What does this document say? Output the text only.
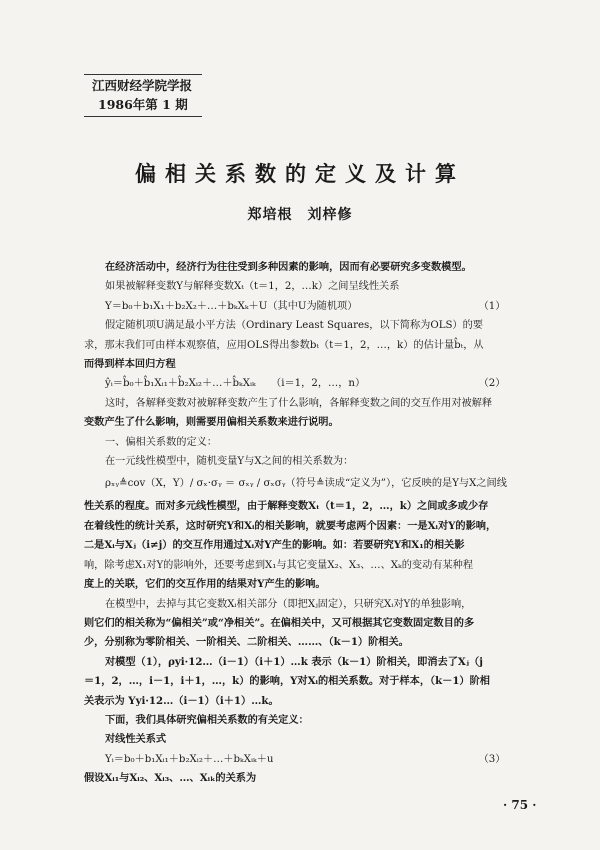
江西财经学院学报
1986年第 1 期
偏相关系数的定义及计算
郑培根　刘梓修

在经济活动中，经济行为往往受到多种因素的影响，因而有必要研究多变数模型。

如果被解释变数Y与解释变数Xₜ（t＝1，2，…k）之间呈线性关系

Y＝b₀＋b₁X₁＋b₂X₂＋…＋bₖXₖ＋U（其中U为随机项）	（1）

假定随机项U满足最小平方法（Ordinary Least Squares，以下简称为OLS）的要

求，那末我们可由样本观察值，应用OLS得出参数bₜ（t＝1，2，…，k）的估计量b̂ₜ，从

而得到样本回归方程

ŷᵢ＝b̂₀＋b̂₁Xᵢ₁＋b̂₂Xᵢ₂＋…＋b̂ₖXᵢₖ　　（i＝1，2，…，n）	（2）

这时，各解释变数对被解释变数产生了什么影响，各解释变数之间的交互作用对被解释

变数产生了什么影响，则需要用偏相关系数来进行说明。

一、偏相关系数的定义：

在一元线性模型中，随机变量Y与X之间的相关系数为：

ρₓᵧ≜cov（X，Y）/ σₓ·σᵧ ＝ σₓᵧ / σₓσᵧ（符号≜读成“定义为”），它反映的是Y与X之间线

性关系的程度。而对多元线性模型，由于解释变数Xₜ（t＝1，2，…，k）之间或多或少存

在着线性的统计关系，这时研究Y和Xᵢ的相关影响，就要考虑两个因素：一是Xᵢ对Y的影响，

二是Xᵢ与Xⱼ（i≠j）的交互作用通过Xᵢ对Y产生的影响。如：若要研究Y和X₁的相关影

响，除考虑X₁对Y的影响外，还要考虑到X₁与其它变量X₂、X₃、…、Xₖ的变动有某种程

度上的关联，它们的交互作用的结果对Y产生的影响。

在模型中，去掉与其它变数Xᵢ相关部分（即把Xⱼ固定），只研究Xᵢ对Y的单独影响，

则它们的相关称为“偏相关”或“净相关”。在偏相关中，又可根据其它变数固定数目的多

少，分别称为零阶相关、一阶相关、二阶相关、……、（k－1）阶相关。

对模型（1），ρyi·12…（i－1）（i＋1）…k 表示（k－1）阶相关，即消去了Xⱼ（j

＝1，2，…，i－1，i＋1，…，k）的影响，Y对Xᵢ的相关系数。对于样本，（k－1）阶相

关表示为 Yyi·12…（i－1）（i＋1）…k。

下面，我们具体研究偏相关系数的有关定义：

对线性关系式

Yᵢ＝b₀＋b₁Xᵢ₁＋b₂Xᵢ₂＋…＋bₖXᵢₖ＋u	（3）

假设Xᵢ₁与Xᵢ₂、Xᵢ₃、…、Xᵢₖ的关系为

· 75 ·
